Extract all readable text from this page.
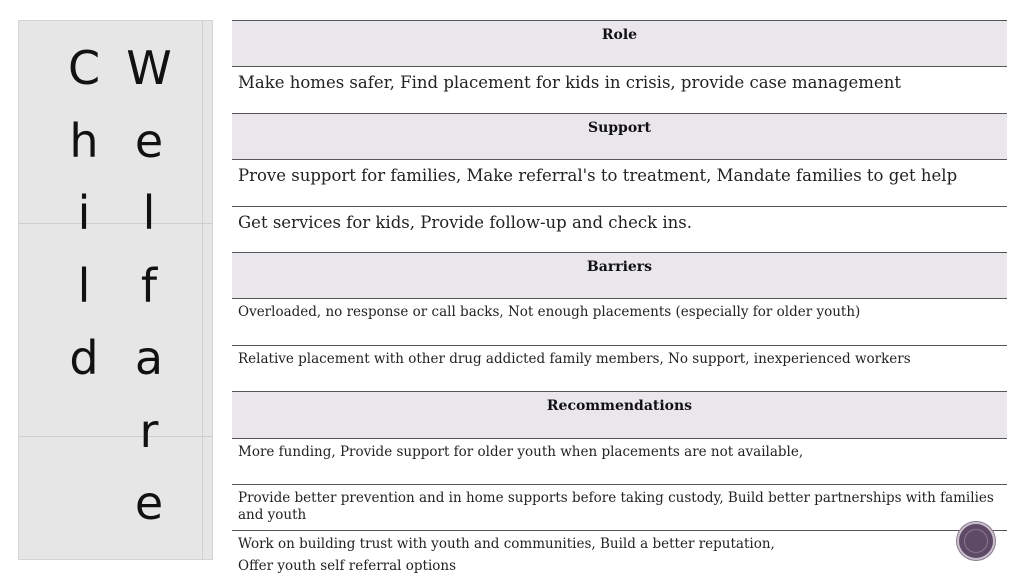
C
h
i
l
d
W
e
l
f
a
r
e
Role
Make homes safer, Find placement for kids in crisis, provide case management
Support
Prove support for families, Make referral's to treatment, Mandate families to get help
Get services for kids, Provide follow-up and check ins.
Barriers
Overloaded, no response or call backs, Not enough placements (especially for older youth)
Relative placement with other drug addicted family members, No support, inexperienced workers
Recommendations
More funding, Provide support for older youth when placements are not available,
Provide better prevention and in home supports before taking custody, Build better partnerships with families and youth
Work on building trust with youth and communities, Build a better reputation,
Offer youth self referral options
